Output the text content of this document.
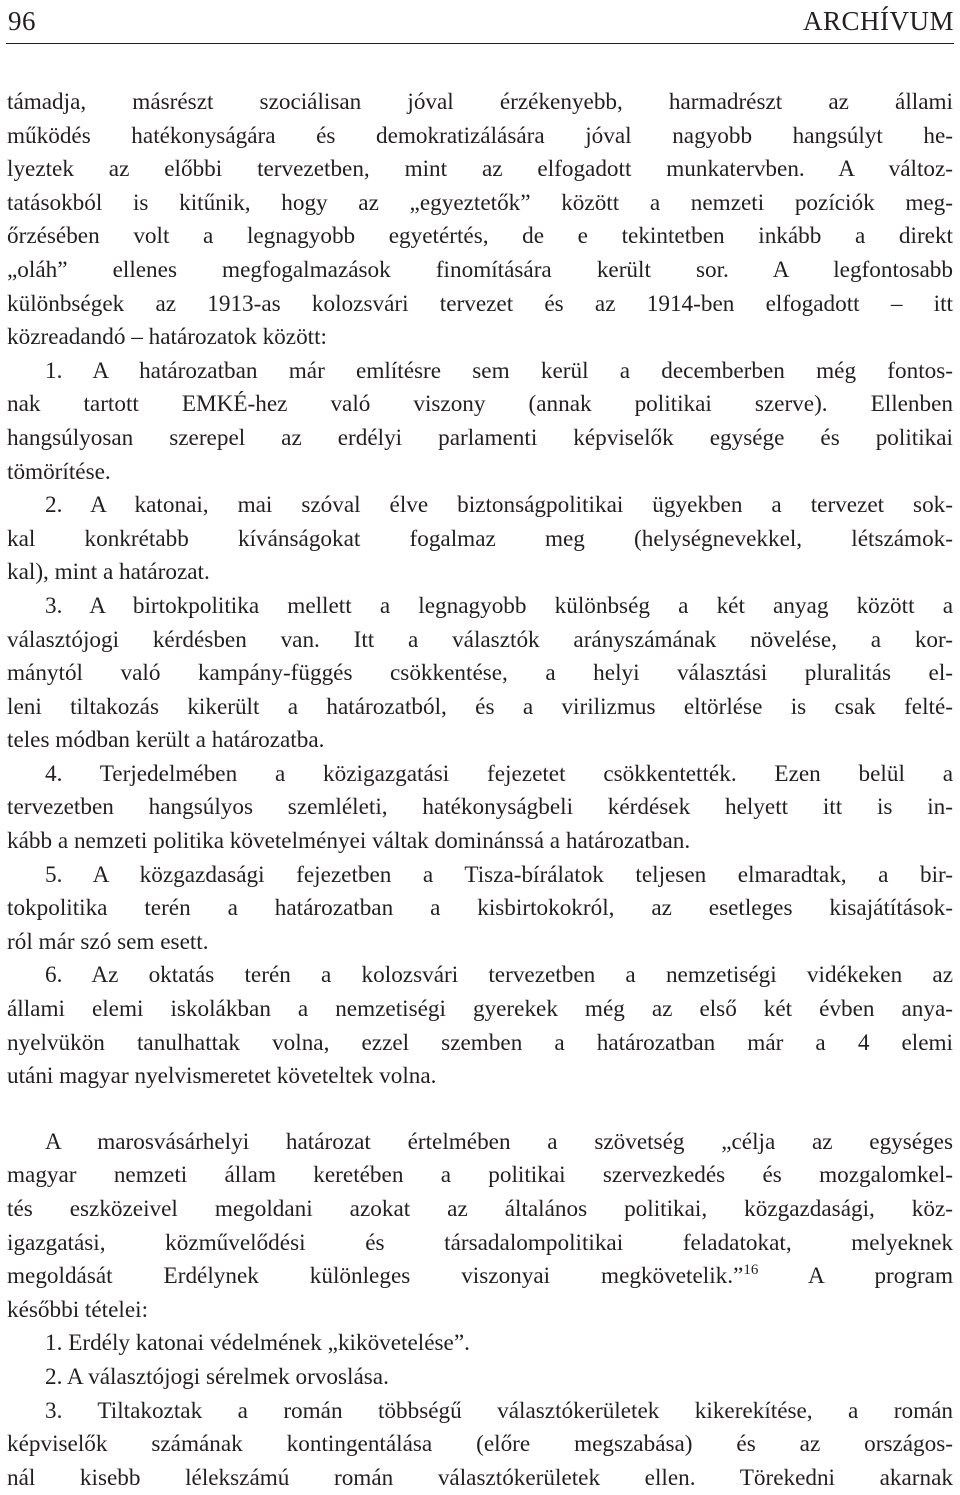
96	ARCHÍVUM
támadja, másrészt szociálisan jóval érzékenyebb, harmadrészt az állami
működés hatékonyságára és demokratizálására jóval nagyobb hangsúlyt he-
lyeztek az előbbi tervezetben, mint az elfogadott munkatervben. A változ-
tatásokból is kitűnik, hogy az „egyeztetők” között a nemzeti pozíciók meg-
őrzésében volt a legnagyobb egyetértés, de e tekintetben inkább a direkt
„oláh” ellenes megfogalmazások finomítására került sor. A legfontosabb
különbségek az 1913-as kolozsvári tervezet és az 1914-ben elfogadott – itt
közreadandó – határozatok között:
1. A határozatban már említésre sem kerül a decemberben még fontos-
nak tartott EMKÉ-hez való viszony (annak politikai szerve). Ellenben
hangsúlyosan szerepel az erdélyi parlamenti képviselők egysége és politikai
tömörítése.
2. A katonai, mai szóval élve biztonságpolitikai ügyekben a tervezet sok-
kal konkrétabb kívánságokat fogalmaz meg (helységnevekkel, létszámok-
kal), mint a határozat.
3. A birtokpolitika mellett a legnagyobb különbség a két anyag között a
választójogi kérdésben van. Itt a választók arányszámának növelése, a kor-
mánytól való kampány-függés csökkentése, a helyi választási pluralitás el-
leni tiltakozás kikerült a határozatból, és a virilizmus eltörlése is csak felté-
teles módban került a határozatba.
4. Terjedelmében a közigazgatási fejezetet csökkentették. Ezen belül a
tervezetben hangsúlyos szemléleti, hatékonyságbeli kérdések helyett itt is in-
kább a nemzeti politika követelményei váltak dominánssá a határozatban.
5. A közgazdasági fejezetben a Tisza-bírálatok teljesen elmaradtak, a bir-
tokpolitika terén a határozatban a kisbirtokokról, az esetleges kisajátítások-
ról már szó sem esett.
6. Az oktatás terén a kolozsvári tervezetben a nemzetiségi vidékeken az
állami elemi iskolákban a nemzetiségi gyerekek még az első két évben anya-
nyelvükön tanulhattak volna, ezzel szemben a határozatban már a 4 elemi
utáni magyar nyelvismeretet követeltek volna.
A marosvásárhelyi határozat értelmében a szövetség „célja az egységes
magyar nemzeti állam keretében a politikai szervezkedés és mozgalomkel-
tés eszközeivel megoldani azokat az általános politikai, közgazdasági, köz-
igazgatási, közművelődési és társadalompolitikai feladatokat, melyeknek
megoldását Erdélynek különleges viszonyai megkövetelik.”$^{16}$ A program
későbbi tételei:
1. Erdély katonai védelmének „kikövetelése”.
2. A választójogi sérelmek orvoslása.
3. Tiltakoztak a román többségű választókerületek kikerekítése, a román
képviselők számának kontingentálása (előre megszabása) és az országos-
nál kisebb lélekszámú román választókerületek ellen. Törekedni akarnak
